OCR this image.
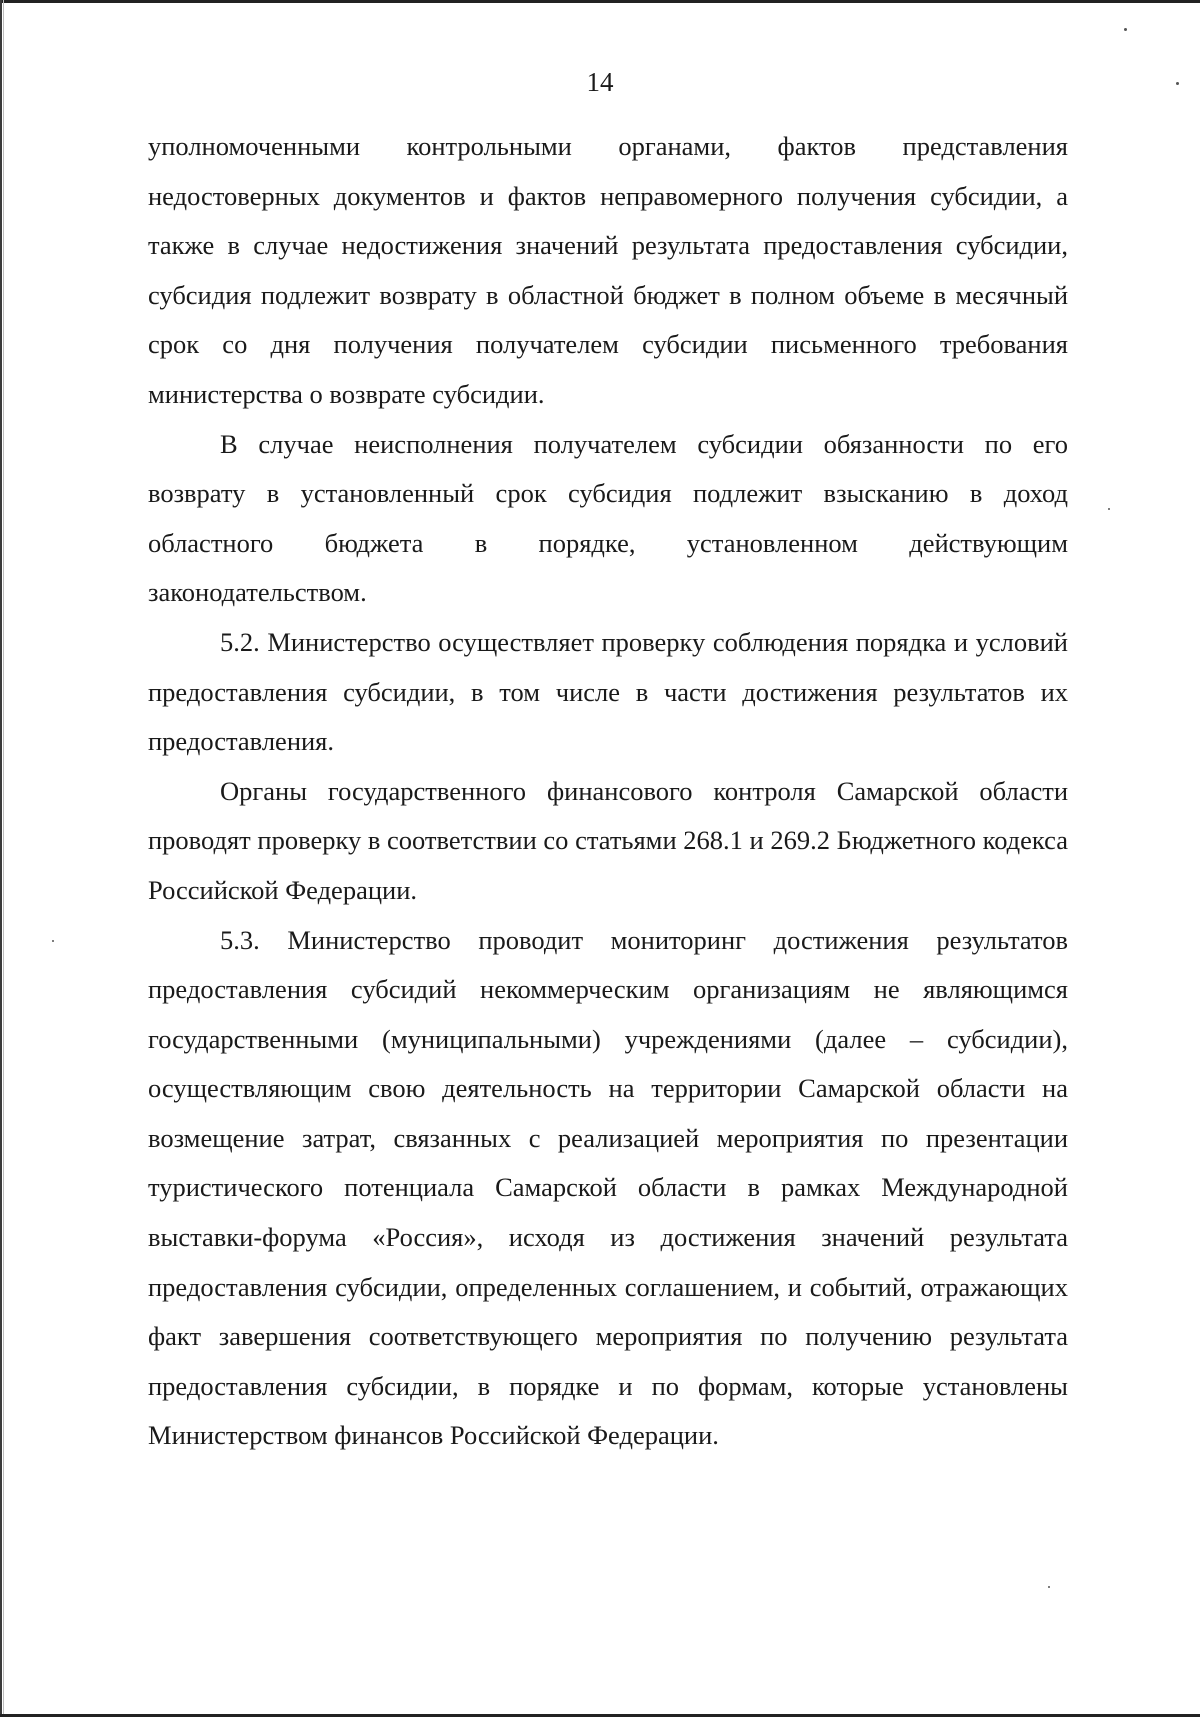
14

уполномоченными контрольными органами, фактов представления недостоверных документов и фактов неправомерного получения субсидии, а также в случае недостижения значений результата предоставления субсидии, субсидия подлежит возврату в областной бюджет в полном объеме в месячный срок со дня получения получателем субсидии письменного требования министерства о возврате субсидии.

В случае неисполнения получателем субсидии обязанности по его возврату в установленный срок субсидия подлежит взысканию в доход областного бюджета в порядке, установленном действующим законодательством.

5.2. Министерство осуществляет проверку соблюдения порядка и условий предоставления субсидии, в том числе в части достижения результатов их предоставления.

Органы государственного финансового контроля Самарской области проводят проверку в соответствии со статьями 268.1 и 269.2 Бюджетного кодекса Российской Федерации.

5.3. Министерство проводит мониторинг достижения результатов предоставления субсидий некоммерческим организациям не являющимся государственными (муниципальными) учреждениями (далее – субсидии), осуществляющим свою деятельность на территории Самарской области на возмещение затрат, связанных с реализацией мероприятия по презентации туристического потенциала Самарской области в рамках Международной выставки-форума «Россия», исходя из достижения значений результата предоставления субсидии, определенных соглашением, и событий, отражающих факт завершения соответствующего мероприятия по получению результата предоставления субсидии, в порядке и по формам, которые установлены Министерством финансов Российской Федерации.
